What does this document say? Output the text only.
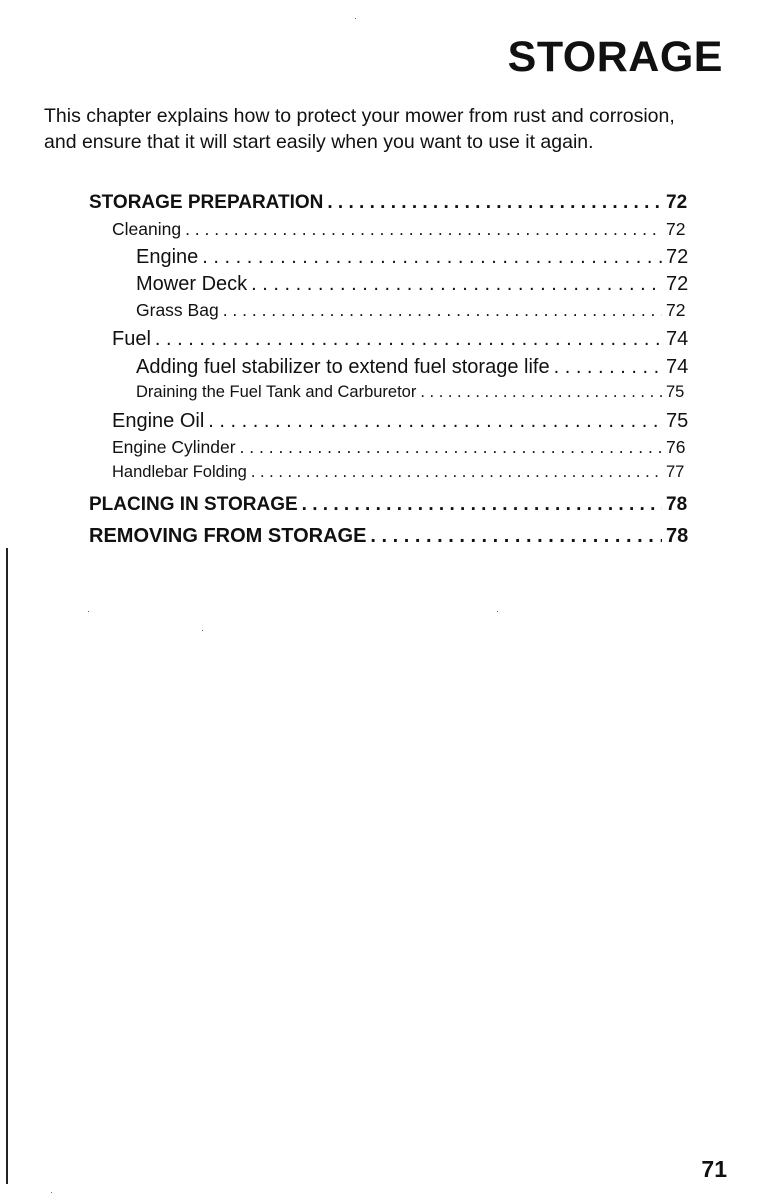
STORAGE

This chapter explains how to protect your mower from rust and corrosion, and ensure that it will start easily when you want to use it again.

STORAGE PREPARATION . . .	72
Cleaning . . .	72
Engine . . .	72
Mower Deck . . .	72
Grass Bag . . .	72
Fuel . . .	74
Adding fuel stabilizer to extend fuel storage life . . .	74
Draining the Fuel Tank and Carburetor . . .	75
Engine Oil . . .	75
Engine Cylinder . . .	76
Handlebar Folding . . .	77
PLACING IN STORAGE . . .	78
REMOVING FROM STORAGE . . .	78

71
